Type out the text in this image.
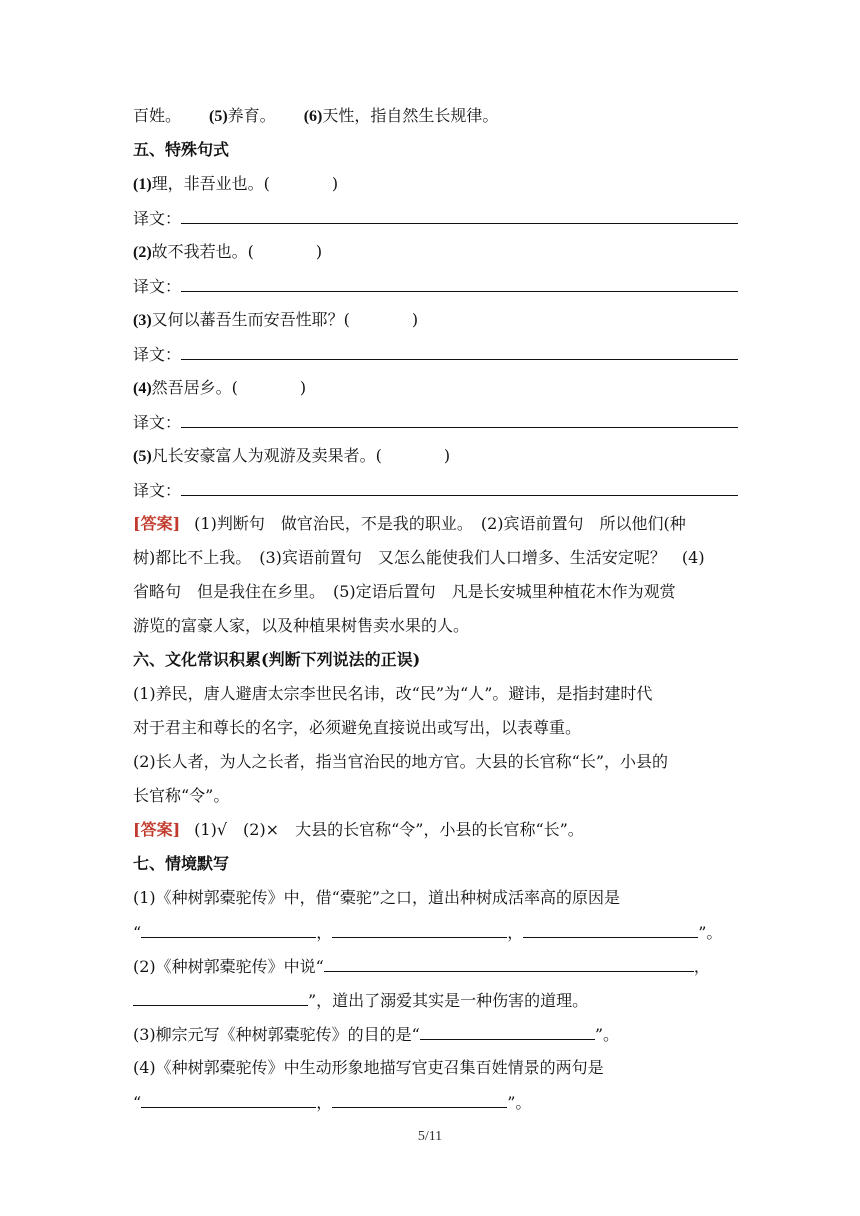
百姓。 (5)养育。 (6)天性，指自然生长规律。
五、特殊句式
(1)理，非吾业也。(	)
译文：
(2)故不我若也。(	)
译文：
(3)又何以蕃吾生而安吾性耶？(	)
译文：
(4)然吾居乡。(	)
译文：
(5)凡长安豪富人为观游及卖果者。(	)
译文：
[答案] (1)判断句　做官治民，不是我的职业。　(2)宾语前置句　所以他们(种
树)都比不上我。　(3)宾语前置句　又怎么能使我们人口增多、生活安定呢？　(4)
省略句　但是我住在乡里。　(5)定语后置句　凡是长安城里种植花木作为观赏
游览的富豪人家，以及种植果树售卖水果的人。
六、文化常识积累(判断下列说法的正误)
(1)养民，唐人避唐太宗李世民名讳，改“民”为“人”。避讳，是指封建时代
对于君主和尊长的名字，必须避免直接说出或写出，以表尊重。
(2)长人者，为人之长者，指当官治民的地方官。大县的长官称“长”，小县的
长官称“令”。
[答案] (1)√　(2)×　大县的长官称“令”，小县的长官称“长”。
七、情境默写
(1)《种树郭橐驼传》中，借“橐驼”之口，道出种树成活率高的原因是
“	，	，	”。
(2)《种树郭橐驼传》中说“	，
”，道出了溺爱其实是一种伤害的道理。
(3)柳宗元写《种树郭橐驼传》的目的是“	”。
(4)《种树郭橐驼传》中生动形象地描写官吏召集百姓情景的两句是
“	，	”。
5/11
